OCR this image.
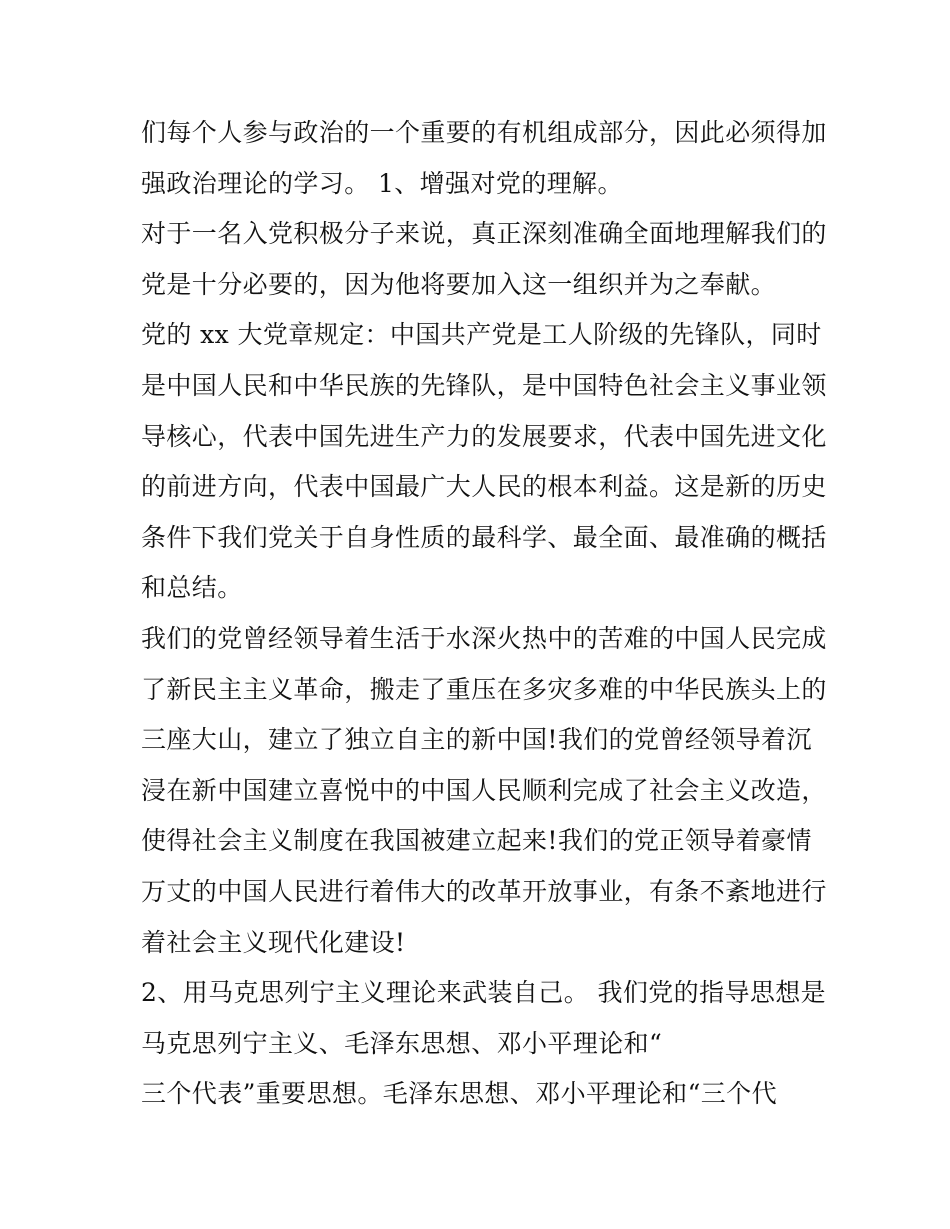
们每个人参与政治的一个重要的有机组成部分，因此必须得加
强政治理论的学习。 1、增强对党的理解。
对于一名入党积极分子来说，真正深刻准确全面地理解我们的
党是十分必要的，因为他将要加入这一组织并为之奉献。
党的 xx 大党章规定：中国共产党是工人阶级的先锋队，同时
是中国人民和中华民族的先锋队，是中国特色社会主义事业领
导核心，代表中国先进生产力的发展要求，代表中国先进文化
的前进方向，代表中国最广大人民的根本利益。这是新的历史
条件下我们党关于自身性质的最科学、最全面、最准确的概括
和总结。
我们的党曾经领导着生活于水深火热中的苦难的中国人民完成
了新民主主义革命，搬走了重压在多灾多难的中华民族头上的
三座大山，建立了独立自主的新中国!我们的党曾经领导着沉
浸在新中国建立喜悦中的中国人民顺利完成了社会主义改造，
使得社会主义制度在我国被建立起来!我们的党正领导着豪情
万丈的中国人民进行着伟大的改革开放事业，有条不紊地进行
着社会主义现代化建设!
2、用马克思列宁主义理论来武装自己。 我们党的指导思想是
马克思列宁主义、毛泽东思想、邓小平理论和“
三个代表”重要思想。毛泽东思想、邓小平理论和“三个代
